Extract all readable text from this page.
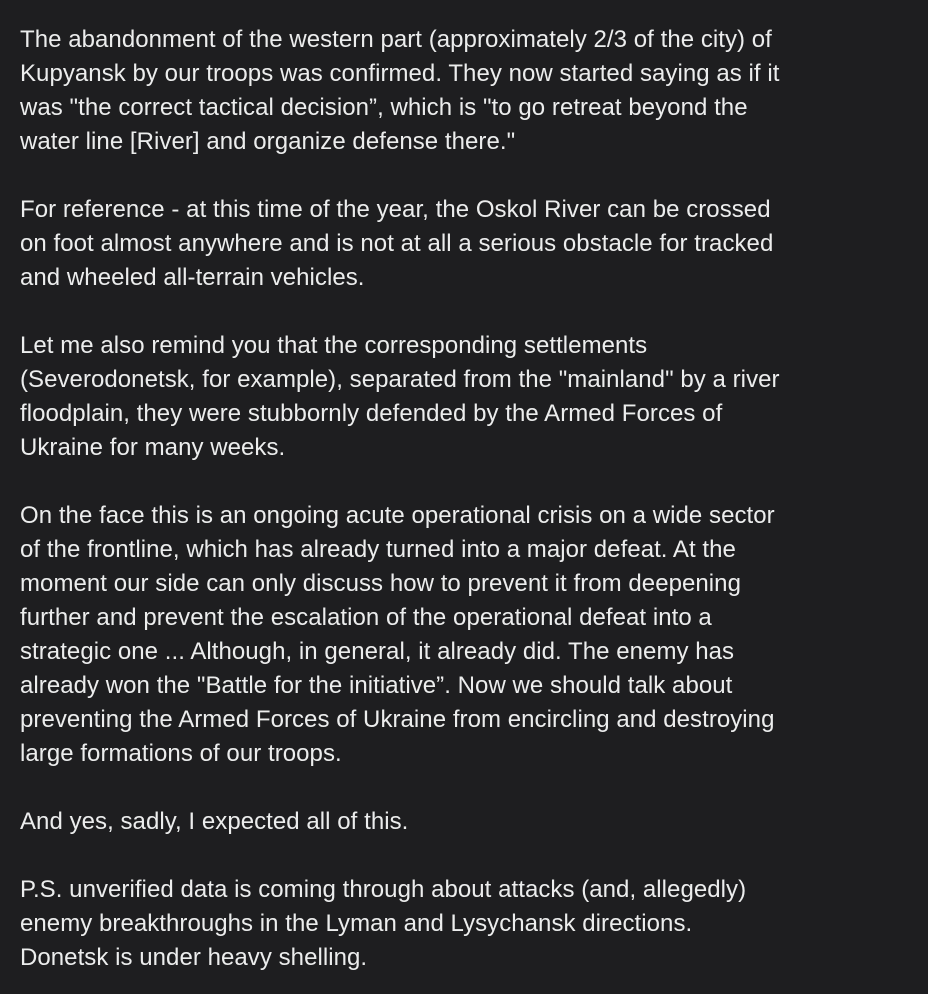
The abandonment of the western part (approximately 2/3 of the city) of
Kupyansk by our troops was confirmed. They now started saying as if it
was "the correct tactical decision”, which is "to go retreat beyond the
water line [River] and organize defense there."

For reference - at this time of the year, the Oskol River can be crossed
on foot almost anywhere and is not at all a serious obstacle for tracked
and wheeled all-terrain vehicles.

Let me also remind you that the corresponding settlements
(Severodonetsk, for example), separated from the "mainland" by a river
floodplain, they were stubbornly defended by the Armed Forces of
Ukraine for many weeks.

On the face this is an ongoing acute operational crisis on a wide sector
of the frontline, which has already turned into a major defeat. At the
moment our side can only discuss how to prevent it from deepening
further and prevent the escalation of the operational defeat into a
strategic one ... Although, in general, it already did. The enemy has
already won the "Battle for the initiative”. Now we should talk about
preventing the Armed Forces of Ukraine from encircling and destroying
large formations of our troops.

And yes, sadly, I expected all of this.

P.S. unverified data is coming through about attacks (and, allegedly)
enemy breakthroughs in the Lyman and Lysychansk directions.
Donetsk is under heavy shelling.
